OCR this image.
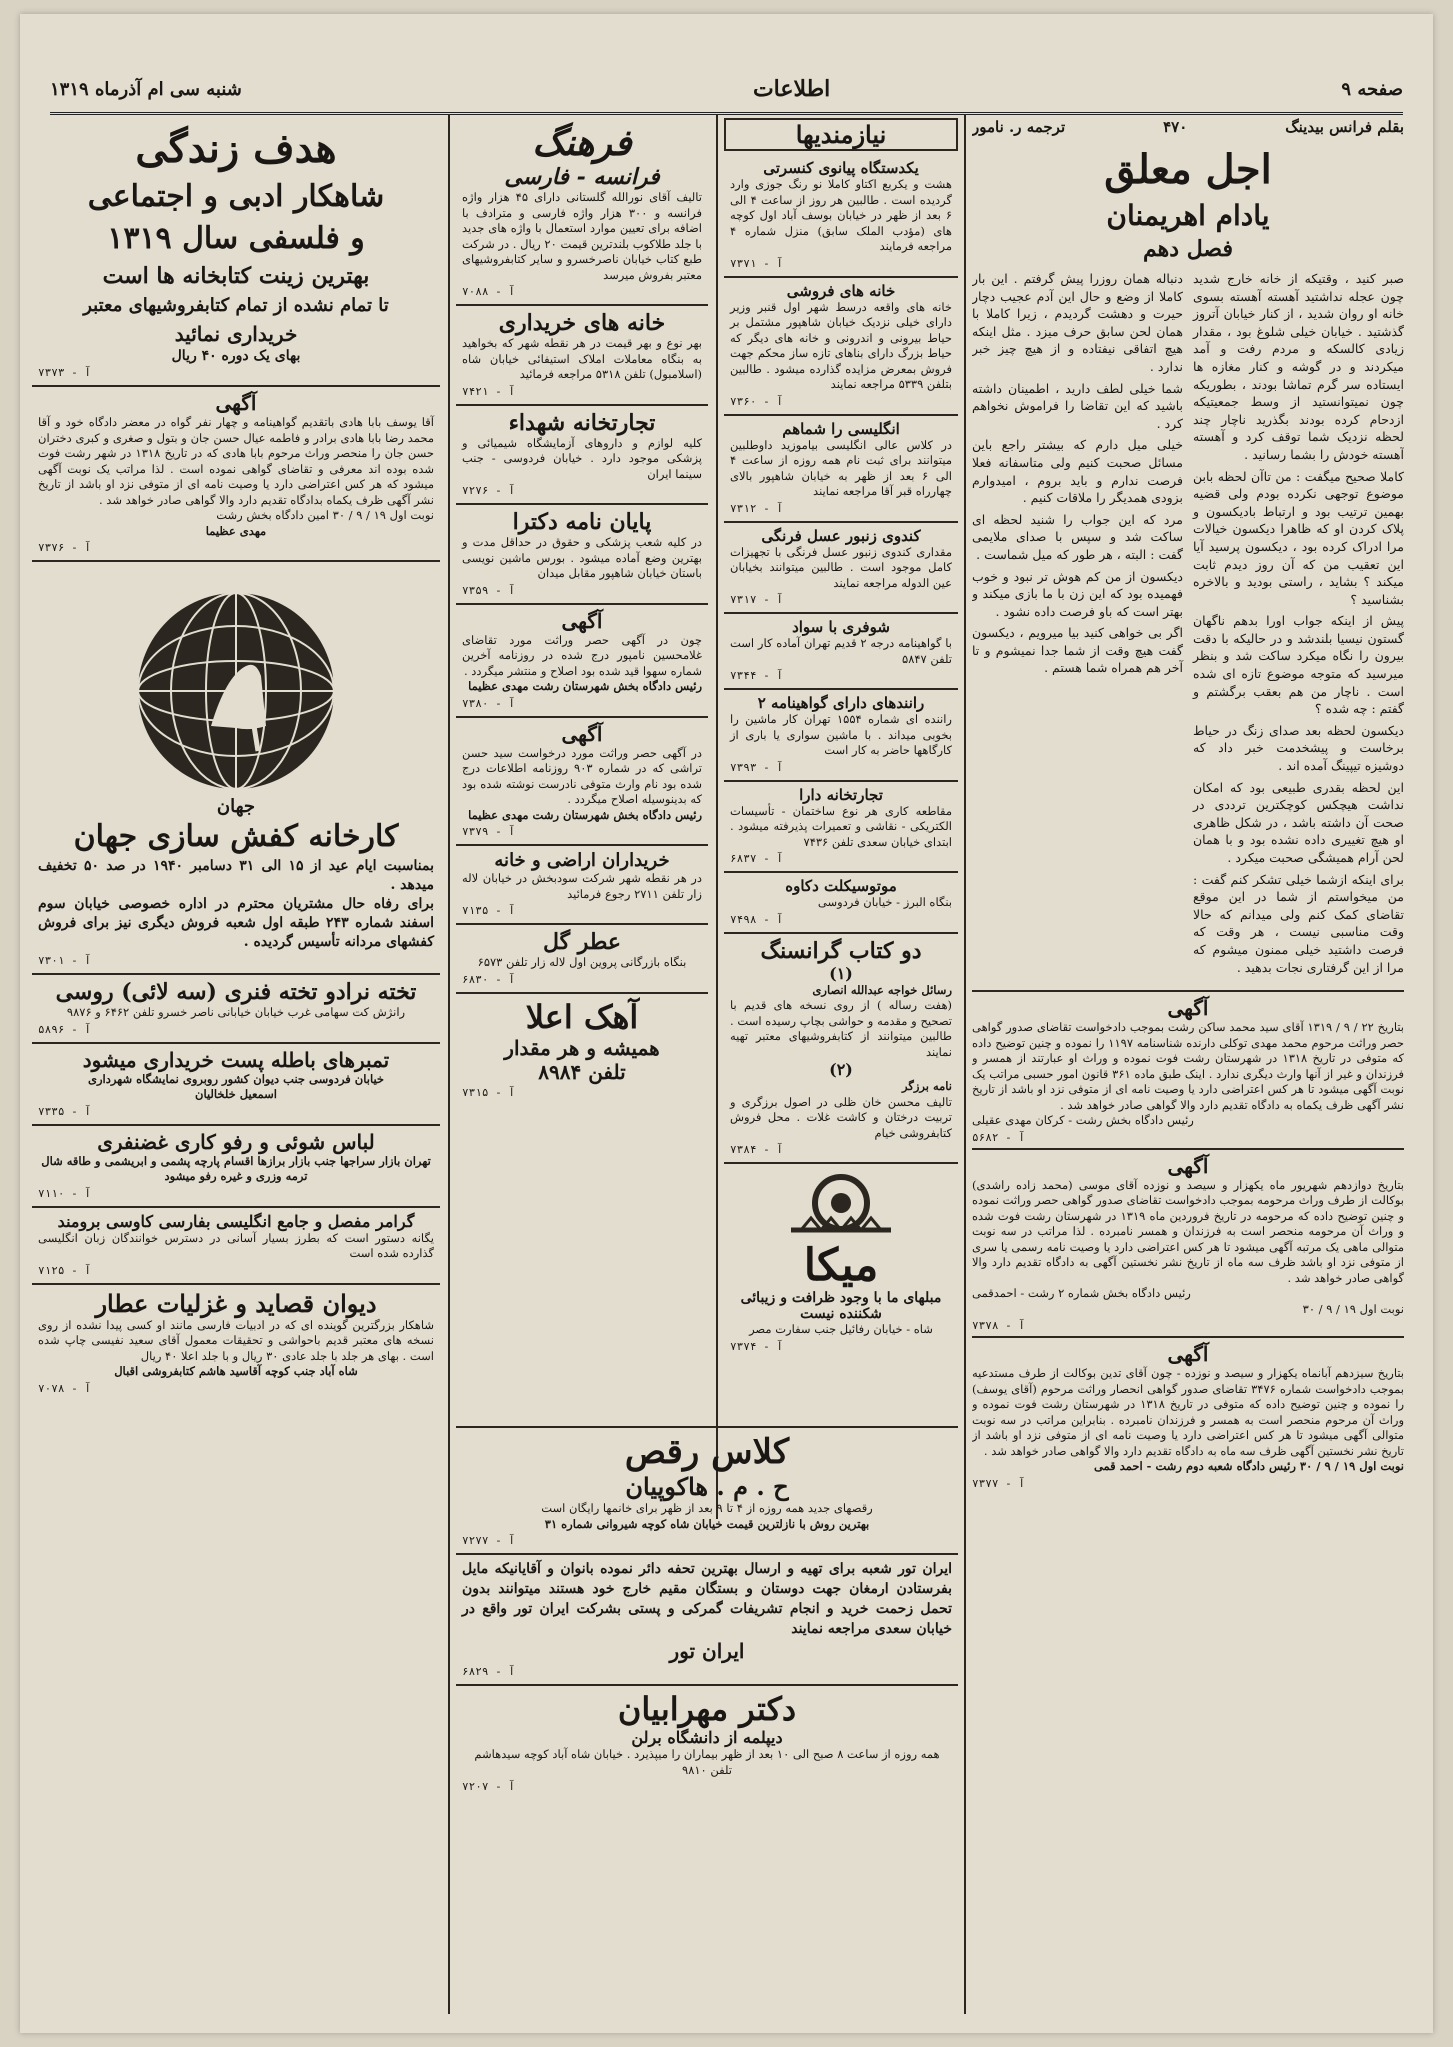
صفحه ۹
اطلاعات
شنبه سی ام آذرماه ۱۳۱۹
بقلم فرانس بیدینگ
۴۷۰
ترجمه ر. نامور
اجل معلق
یادام اهریمنان
فصل دهم

صبر کنید ، وقتیکه از خانه خارج شدید چون عجله نداشتید آهسته آهسته بسوی خانه او روان شدید ، از کنار خیابان آتروز گذشتید . خیابان خیلی شلوغ بود ، مقدار زیادی کالسکه و مردم رفت و آمد میکردند و در گوشه و کنار مغازه ها ایستاده سر گرم تماشا بودند ، بطوریکه چون نمیتوانستید از وسط جمعیتیکه ازدحام کرده بودند بگذرید ناچار چند لحظه نزدیک شما توقف کرد و آهسته آهسته خودش را بشما رسانید .

کاملا صحیح میگفت : من تاآن لحظه بابن موضوع توجهی نکرده بودم ولی قضیه بهمین ترتیب بود و ارتباط بادیکسون و پلاک کردن او که ظاهرا دیکسون خیالات مرا ادراک کرده بود ، دیکسون پرسید آیا این تعقیب من که آن روز دیدم ثابت میکند ؟ بشاید ، راستی بودید و بالاخره بشناسید ؟

پیش از اینکه جواب اورا بدهم ناگهان گستون نیسیا بلندشد و در حالیکه با دقت بیرون را نگاه میکرد ساکت شد و بنظر میرسید که متوجه موضوع تازه ای شده است . ناچار من هم بعقب برگشتم و گفتم : چه شده ؟

دیکسون لحظه بعد صدای زنگ در حیاط برخاست و پیشخدمت خبر داد که دوشیزه تیپینگ آمده اند .

این لحظه بقدری طبیعی بود که امکان نداشت هیچکس کوچکترین ترددی در صحت آن داشته باشد ، در شکل ظاهری او هیچ تغییری داده نشده بود و با همان لحن آرام همیشگی صحبت میکرد .

برای اینکه ازشما خیلی تشکر کنم گفت : من میخواستم از شما در این موقع تقاضای کمک کنم ولی میدانم که حالا وقت مناسبی نیست ، هر وقت که فرصت داشتید خیلی ممنون میشوم که مرا از این گرفتاری نجات بدهید .

دنباله همان روزرا پیش گرفتم . این بار کاملا از وضع و حال این آدم عجیب دچار حیرت و دهشت گردیدم ، زیرا کاملا با همان لحن سابق حرف میزد . مثل اینکه هیچ اتفاقی نیفتاده و از هیچ چیز خبر ندارد .

شما خیلی لطف دارید ، اطمینان داشته باشید که این تقاضا را فراموش نخواهم کرد .

خیلی میل دارم که بیشتر راجع باین مسائل صحبت کنیم ولی متاسفانه فعلا فرصت ندارم و باید بروم ، امیدوارم بزودی همدیگر را ملاقات کنیم .

مرد که این جواب را شنید لحظه ای ساکت شد و سپس با صدای ملایمی گفت : البته ، هر طور که میل شماست .

دیکسون از من کم هوش تر نبود و خوب فهمیده بود که این زن با ما بازی میکند و بهتر است که باو فرصت داده نشود .

اگر بی خواهی کنید بیا میرویم ، دیکسون گفت هیچ وقت از شما جدا نمیشوم و تا آخر هم همراه شما هستم .

آگهی
بتاریخ ۲۲ / ۹ / ۱۳۱۹ آقای سید محمد ساکن رشت بموجب دادخواست تقاضای صدور گواهی حصر وراثت مرحوم محمد مهدی توکلی دارنده شناسنامه ۱۱۹۷ را نموده و چنین توضیح داده که متوفی در تاریخ ۱۳۱۸ در شهرستان رشت فوت نموده و وراث او عبارتند از همسر و فرزندان و غیر از آنها وارث دیگری ندارد . اینک طبق ماده ۳۶۱ قانون امور حسبی مراتب یک نوبت آگهی میشود تا هر کس اعتراضی دارد یا وصیت نامه ای از متوفی نزد او باشد از تاریخ نشر آگهی ظرف یکماه به دادگاه تقدیم دارد والا گواهی صادر خواهد شد .
رئیس دادگاه بخش رشت - کرکان مهدی عقیلی
آ - ۵۶۸۲
آگهی
بتاریخ دوازدهم شهریور ماه یکهزار و سیصد و نوزده آقای موسی (محمد زاده راشدی) بوکالت از طرف وراث مرحومه بموجب دادخواست تقاضای صدور گواهی حصر وراثت نموده و چنین توضیح داده که مرحومه در تاریخ فروردین ماه ۱۳۱۹ در شهرستان رشت فوت شده و وراث آن مرحومه منحصر است به فرزندان و همسر نامبرده . لذا مراتب در سه نوبت متوالی ماهی یک مرتبه آگهی میشود تا هر کس اعتراضی دارد یا وصیت نامه رسمی یا سری از متوفی نزد او باشد ظرف سه ماه از تاریخ نشر نخستین آگهی به دادگاه تقدیم دارد والا گواهی صادر خواهد شد .
رئیس دادگاه بخش شماره ۲ رشت - احمدقمی
نوبت اول ۱۹ / ۹ / ۳۰
آ - ۷۳۷۸
آگهی
بتاریخ سیزدهم آبانماه یکهزار و سیصد و نوزده - چون آقای تدین بوکالت از طرف مستدعیه بموجب دادخواست شماره ۳۴۷۶ تقاضای صدور گواهی انحصار وراثت مرحوم (آقای یوسف) را نموده و چنین توضیح داده که متوفی در تاریخ ۱۳۱۸ در شهرستان رشت فوت نموده و وراث آن مرحوم منحصر است به همسر و فرزندان نامبرده . بنابراین مراتب در سه نوبت متوالی آگهی میشود تا هر کس اعتراضی دارد یا وصیت نامه ای از متوفی نزد او باشد از تاریخ نشر نخستین آگهی ظرف سه ماه به دادگاه تقدیم دارد والا گواهی صادر خواهد شد .
نوبت اول ۱۹ / ۹ / ۳۰ رئیس دادگاه شعبه دوم رشت - احمد قمی
آ - ۷۳۷۷
نیازمندیها
یکدستگاه پیانوی کنسرتی
هشت و یکربع اکتاو کاملا نو رنگ جوزی وارد گردیده است . طالبین هر روز از ساعت ۴ الی ۶ بعد از ظهر در خیابان بوسف آباد اول کوچه های (مؤدب الملک سابق) منزل شماره ۴ مراجعه فرمایند
آ - ۷۳۷۱
خانه های فروشی
خانه های واقعه درسط شهر اول قنبر وزیر دارای خیلی نزدیک خیابان شاهپور مشتمل بر حیاط بیرونی و اندرونی و خانه های دیگر که حیاط بزرگ دارای بناهای تازه ساز محکم جهت فروش بمعرض مزایده گذارده میشود . طالبین بتلفن ۵۳۳۹ مراجعه نمایند
آ - ۷۳۶۰
انگلیسی را شماهم
در کلاس عالی انگلیسی بیاموزید داوطلبین میتوانند برای ثبت نام همه روزه از ساعت ۴ الی ۶ بعد از ظهر به خیابان شاهپور بالای چهارراه قبر آقا مراجعه نمایند
آ - ۷۳۱۲
کندوی زنبور عسل فرنگی
مقداری کندوی زنبور عسل فرنگی با تجهیزات کامل موجود است . طالبین میتوانند بخیابان عین الدوله مراجعه نمایند
آ - ۷۳۱۷
شوفری با سواد
با گواهینامه درجه ۲ قدیم تهران آماده کار است تلفن ۵۸۴۷
آ - ۷۳۴۴
رانندهای دارای گواهینامه ۲
راننده ای شماره ۱۵۵۴ تهران کار ماشین را بخوبی میداند . با ماشین سواری یا باری از کارگاهها حاضر به کار است
آ - ۷۳۹۳
تجارتخانه دارا
مقاطعه کاری هر نوع ساختمان - تأسیسات الکتریکی - نقاشی و تعمیرات پذیرفته میشود . ابتدای خیابان سعدی تلفن ۷۴۳۶
آ - ۶۸۳۷
موتوسیکلت دکاوه
بنگاه البرز - خیابان فردوسی
آ - ۷۴۹۸
دو کتاب گرانسنگ
(۱)
رسائل خواجه عبدالله انصاری
(هفت رساله ) از روی نسخه های قدیم با تصحیح و مقدمه و حواشی بچاپ رسیده است . طالبین میتوانند از کتابفروشیهای معتبر تهیه نمایند
(۲)
نامه برزگر
تالیف محسن خان ظلی در اصول برزگری و تربیت درختان و کاشت غلات . محل فروش کتابفروشی خیام
آ - ۷۳۸۴
میکا
مبلهای ما با وجود ظرافت و زیبائی شکننده نیست
شاه - خیابان رفائیل جنب سفارت مصر
آ - ۷۳۷۴
فرهنگ
فرانسه - فارسی
تالیف آقای نورالله گلستانی دارای ۴۵ هزار واژه فرانسه و ۳۰۰ هزار واژه فارسی و مترادف با اضافه برای تعیین موارد استعمال با واژه های جدید با جلد طلاکوب بلندترین قیمت ۲۰ ریال . در شرکت طبع کتاب خیابان ناصرخسرو و سایر کتابفروشیهای معتبر بفروش میرسد
آ - ۷۰۸۸
خانه های خریداری
بهر نوع و بهر قیمت در هر نقطه شهر که بخواهید به بنگاه معاملات املاک استیفائی خیابان شاه (اسلامبول) تلفن ۵۳۱۸ مراجعه فرمائید
آ - ۷۴۲۱
تجارتخانه شهداء
کلیه لوازم و داروهای آزمایشگاه شیمیائی و پزشکی موجود دارد . خیابان فردوسی - جنب سینما ایران
آ - ۷۲۷۶
پایان نامه دکترا
در کلیه شعب پزشکی و حقوق در حداقل مدت و بهترین وضع آماده میشود . بورس ماشین نویسی باستان خیابان شاهپور مقابل میدان
آ - ۷۳۵۹
آگهی
چون در آگهی حصر وراثت مورد تقاضای غلامحسین نامپور درج شده در روزنامه آخرین شماره سهوا قید شده بود اصلاح و منتشر میگردد .
رئیس دادگاه بخش شهرستان رشت مهدی عظیما
آ - ۷۳۸۰
آگهی
در آگهی حصر وراثت مورد درخواست سید حسن تراشی که در شماره ۹۰۳ روزنامه اطلاعات درج شده بود نام وارث متوفی نادرست نوشته شده بود که بدینوسیله اصلاح میگردد .
رئیس دادگاه بخش شهرستان رشت مهدی عظیما
آ - ۷۳۷۹
خریداران اراضی و خانه
در هر نقطه شهر شرکت سودبخش در خیابان لاله زار تلفن ۲۷۱۱ رجوع فرمائید
آ - ۷۱۳۵
عطر گل
بنگاه بازرگانی پروین اول لاله زار تلفن ۶۵۷۳
آ - ۶۸۳۰
آهک اعلا
همیشه و هر مقدار
تلفن ۸۹۸۴
آ - ۷۳۱۵
کلاس رقص
ح . م . هاکوپیان
رقصهای جدید همه روزه از ۴ تا ۹ بعد از ظهر برای خانمها رایگان است
بهترین روش با نازلترین قیمت خیابان شاه کوچه شیروانی شماره ۳۱
آ - ۷۲۷۷
ایران تور شعبه برای تهیه و ارسال بهترین تحفه دائر نموده بانوان و آقایانیکه مایل بفرستادن ارمغان جهت دوستان و بستگان مقیم خارج خود هستند میتوانند بدون تحمل زحمت خرید و انجام تشریفات گمرکی و پستی بشرکت ایران تور واقع در خیابان سعدی مراجعه نمایند
ایران تور
آ - ۶۸۲۹
دکتر مهرابیان
دیپلمه از دانشگاه برلن
همه روزه از ساعت ۸ صبح الی ۱۰ بعد از ظهر بیماران را میپذیرد . خیابان شاه آباد کوچه سیدهاشم تلفن ۹۸۱۰
آ - ۷۲۰۷
هدف زندگی
شاهکار ادبی و اجتماعی
و فلسفی سال ۱۳۱۹
بهترین زینت کتابخانه ها است
تا تمام نشده از تمام کتابفروشیهای معتبر
خریداری نمائید
بهای یک دوره ۴۰ ریال
آ - ۷۳۷۳
آگهی
آقا یوسف بابا هادی باتقدیم گواهینامه و چهار نفر گواه در معضر دادگاه خود و آقا محمد رضا بابا هادی برادر و فاطمه عیال حسن جان و بتول و صغری و کبری دختران حسن جان را منحصر وراث مرحوم بابا هادی که در تاریخ ۱۳۱۸ در شهر رشت فوت شده بوده اند معرفی و تقاضای گواهی نموده است . لذا مراتب یک نوبت آگهی میشود که هر کس اعتراضی دارد یا وصیت نامه ای از متوفی نزد او باشد از تاریخ نشر آگهی ظرف یکماه بدادگاه تقدیم دارد والا گواهی صادر خواهد شد .
نوبت اول ۱۹ / ۹ / ۳۰ امین دادگاه بخش رشت
مهدی عظیما
آ - ۷۳۷۶
جهان
کارخانه کفش سازی جهان
بمناسبت ایام عید از ۱۵ الی ۳۱ دسامبر ۱۹۴۰ در صد ۵۰ تخفیف میدهد .
برای رفاه حال مشتریان محترم در اداره خصوصی خیابان سوم اسفند شماره ۲۴۳ طبقه اول شعبه فروش دیگری نیز برای فروش کفشهای مردانه تأسیس گردیده .
آ - ۷۳۰۱
تخته نرادو تخته فنری (سه لائی) روسی
رانژش کت سهامی غرب خیابان خیابانی ناصر خسرو تلفن ۶۴۶۲ و ۹۸۷۶
آ - ۵۸۹۶
تمبرهای باطله پست خریداری میشود
خیابان فردوسی جنب دیوان کشور روبروی نمایشگاه شهرداری
اسمعیل خلخالیان
آ - ۷۳۳۵
لباس شوئی و رفو کاری غضنفری
تهران بازار سراجها جنب بازار برازها اقسام پارچه پشمی و ابریشمی و طاقه شال ترمه وزری و غیره رفو میشود
آ - ۷۱۱۰
گرامر مفصل و جامع انگلیسی بفارسی کاوسی برومند
یگانه دستور است که بطرز بسیار آسانی در دسترس خوانندگان زبان انگلیسی گذارده شده است
آ - ۷۱۲۵
دیوان قصاید و غزلیات عطار
شاهکار بزرگترین گوینده ای که در ادبیات فارسی مانند او کسی پیدا نشده از روی نسخه های معتبر قدیم باحواشی و تحقیقات معمول آقای سعید نفیسی چاپ شده است . بهای هر جلد با جلد عادی ۳۰ ریال و با جلد اعلا ۴۰ ریال
شاه آباد جنب کوچه آقاسید هاشم کتابفروشی اقبال
آ - ۷۰۷۸
